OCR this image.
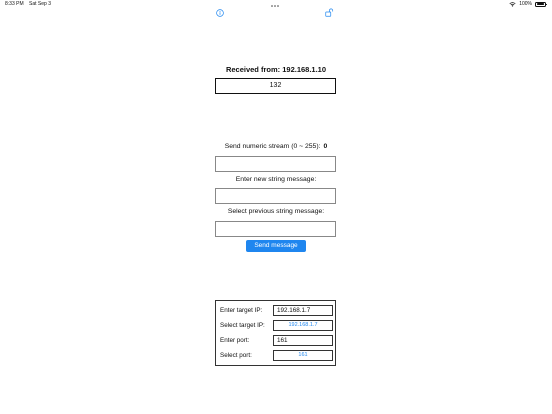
8:33 PM Sat Sep 3	100%
Received from: 192.168.1.10
132
Send numeric stream (0 ~ 255): 0
Enter new string message:
Select previous string message:
Send message
Enter target IP:	192.168.1.7
Select target IP:	192.168.1.7
Enter port:	161
Select port:	161
